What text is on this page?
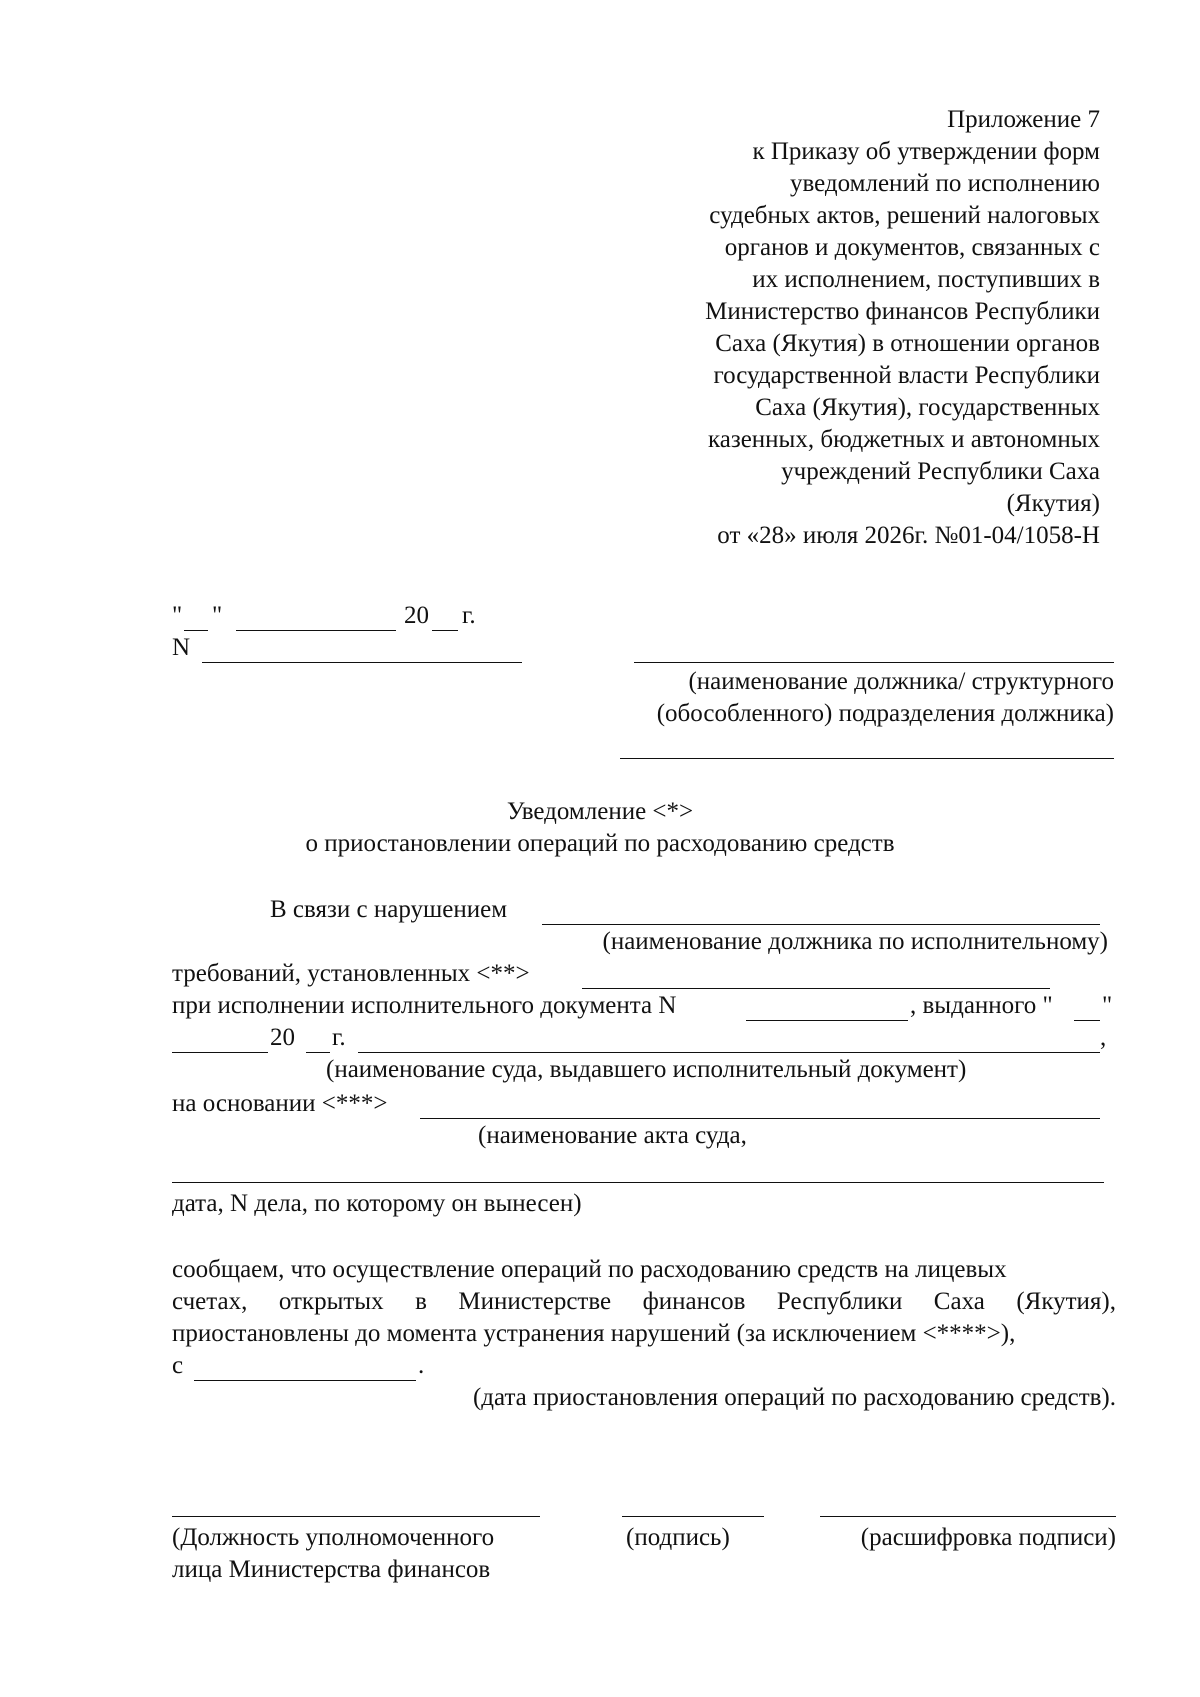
Приложение 7
к Приказу об утверждении форм
уведомлений по исполнению
судебных актов, решений налоговых
органов и документов, связанных с
их исполнением, поступивших в
Министерство финансов Республики
Саха (Якутия) в отношении органов
государственной власти Республики
Саха (Якутия), государственных
казенных, бюджетных и автономных
учреждений Республики Саха
(Якутия)
от «28» июля 2026г. №01-04/1058-Н
" "	20 г.
N
(наименование должника/ структурного
(обособленного) подразделения должника)
Уведомление <*>
о приостановлении операций по расходованию средств
В связи с нарушением
(наименование должника по исполнительному)
требований, установленных <**>
при исполнении исполнительного документа N	, выданного " "
20 г.	,
(наименование суда, выдавшего исполнительный документ)
на основании <***>
(наименование акта суда,
дата, N дела, по которому он вынесен)
сообщаем, что осуществление операций по расходованию средств на лицевых
счетах, открытых в Министерстве финансов Республики Саха (Якутия),
приостановлены до момента устранения нарушений (за исключением <****>),
с	.
(дата приостановления операций по расходованию средств).
(Должность уполномоченного
лица Министерства финансов
(подпись)	(расшифровка подписи)
